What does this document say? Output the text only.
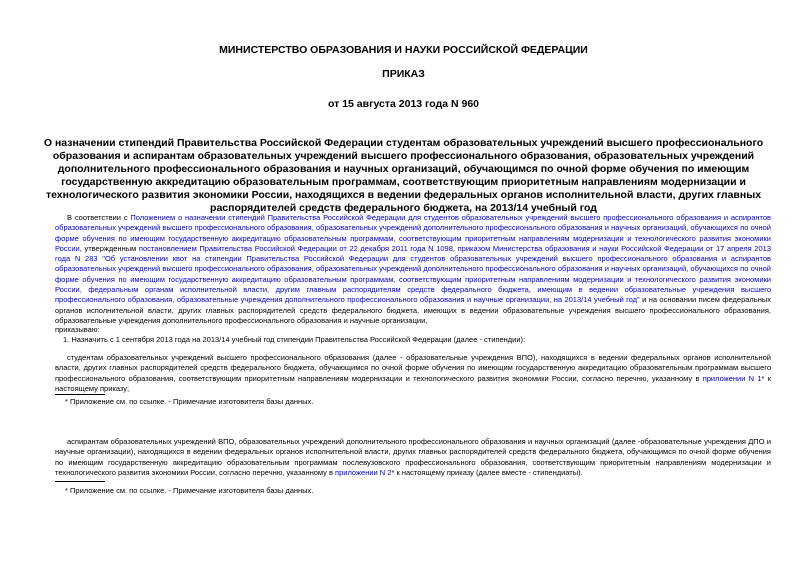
МИНИСТЕРСТВО ОБРАЗОВАНИЯ И НАУКИ РОССИЙСКОЙ ФЕДЕРАЦИИ
ПРИКАЗ
от 15 августа 2013 года N 960
О назначении стипендий Правительства Российской Федерации студентам образовательных учреждений высшего профессионального образования и аспирантам образовательных учреждений высшего профессионального образования, образовательных учреждений дополнительного профессионального образования и научных организаций, обучающимся по очной форме обучения по имеющим государственную аккредитацию образовательным программам, соответствующим приоритетным направлениям модернизации и технологического развития экономики России, находящихся в ведении федеральных органов исполнительной власти, других главных распорядителей средств федерального бюджета, на 2013/14 учебный год
В соответствии с Положением о назначении стипендий Правительства Российской Федерации для студентов образовательных учреждений высшего профессионального образования и аспирантов образовательных учреждений высшего профессионального образования, образовательных учреждений дополнительного профессионального образования и научных организаций, обучающихся по очной форме обучения по имеющим государственную аккредитацию образовательным программам, соответствующим приоритетным направлениям модернизации и технологического развития экономики России, утвержденным постановлением Правительства Российской Федерации от 22 декабря 2011 года N 1098, приказом Министерства образования и науки Российской Федерации от 17 апреля 2013 года N 283 "Об установлении квот на стипендии Правительства Российской Федерации для студентов образовательных учреждений высшего профессионального образования и аспирантов образовательных учреждений высшего профессионального образования, образовательных учреждений дополнительного профессионального образования и научных организаций, обучающихся по очной форме обучения по имеющим государственную аккредитацию образовательным программам, соответствующим приоритетным направлениям модернизации и технологического развития экономики России, федеральным органам исполнительной власти, другим главным распорядителям средств федерального бюджета, имеющим в ведении образовательные учреждения высшего профессионального образования, образовательные учреждения дополнительного профессионального образования и научные организации, на 2013/14 учебный год" и на основании писем федеральных органов исполнительной власти, других главных распорядителей средств федерального бюджета, имеющих в ведении образовательные учреждения высшего профессионального образования, образовательные учреждения дополнительного профессионального образования и научные организации,
приказываю:
1. Назначить с 1 сентября 2013 года на 2013/14 учебный год стипендии Правительства Российской Федерации (далее - стипендии):
студентам образовательных учреждений высшего профессионального образования (далее - образовательные учреждения ВПО), находящихся в ведении федеральных органов исполнительной власти, других главных распорядителей средств федерального бюджета, обучающимся по очной форме обучения по имеющим государственную аккредитацию образовательным программам высшего профессионального образования, соответствующим приоритетным направлениям модернизации и технологического развития экономики России, согласно перечню, указанному в приложении N 1* к настоящему приказу;
* Приложение см. по ссылке. - Примечание изготовителя базы данных.
аспирантам образовательных учреждений ВПО, образовательных учреждений дополнительного профессионального образования и научных организаций (далее -образовательные учреждения ДПО и научные организации), находящихся в ведении федеральных органов исполнительной власти, других главных распорядителей средств федерального бюджета, обучающимся по очной форме обучения по имеющим государственную аккредитацию образовательным программам послевузовского профессионального образования, соответствующим приоритетным направлениям модернизации и технологического развития экономики России, согласно перечню, указанному в приложении N 2* к настоящему приказу (далее вместе - стипендиаты).
* Приложение см. по ссылке. - Примечание изготовителя базы данных.
